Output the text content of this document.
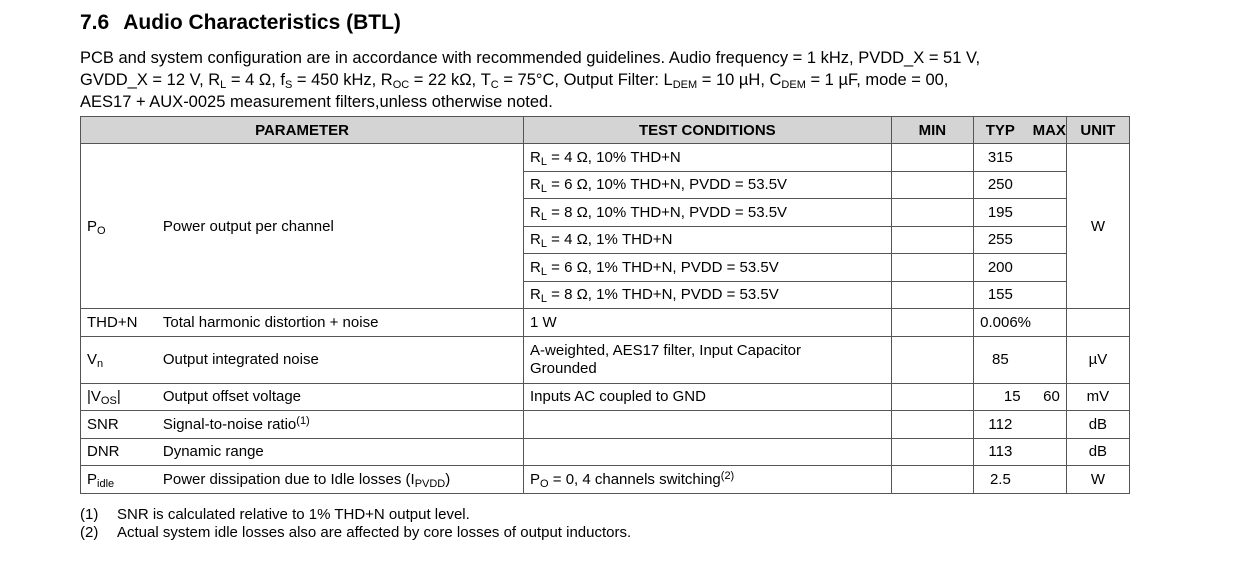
7.6 Audio Characteristics (BTL)

PCB and system configuration are in accordance with recommended guidelines. Audio frequency = 1 kHz, PVDD_X = 51 V,

GVDD_X = 12 V, $R_L = 4$ Ω, $f_S = 450$ kHz, $R_{OC} = 22$ kΩ, $T_C = 75^\circ C$, Output Filter: $L_{DEM} = 10$ µH, $C_{DEM} = 1$ µF, mode = 00,

AES17 + AUX-0025 measurement filters,unless otherwise noted.

PARAMETER		TEST CONDITIONS	MIN	TYP	MAX	UNIT
$P_O$	Power output per channel	$R_L = 4$ Ω, 10% THD+N		315		W
		$R_L = 6$ Ω, 10% THD+N, PVDD = 53.5V		250		
		$R_L = 8$ Ω, 10% THD+N, PVDD = 53.5V		195		
		$R_L = 4$ Ω, 1% THD+N		255		
		$R_L = 6$ Ω, 1% THD+N, PVDD = 53.5V		200		
		$R_L = 8$ Ω, 1% THD+N, PVDD = 53.5V		155		
THD+N	Total harmonic distortion + noise	1 W		0.006%		
$V_n$	Output integrated noise	A-weighted, AES17 filter, Input Capacitor
Grounded		85		µV
$|V_{OS}|$	Output offset voltage	Inputs AC coupled to GND		15	60	mV
SNR	Signal-to-noise ratio$^{(1)}$			112		dB
DNR	Dynamic range			113		dB
$P_{idle}$	Power dissipation due to Idle losses $(I_{PVDD})$	$P_O = 0$, 4 channels switching$^{(2)}$		2.5		W
(1) SNR is calculated relative to 1% THD+N output level.
(2) Actual system idle losses also are affected by core losses of output inductors.
